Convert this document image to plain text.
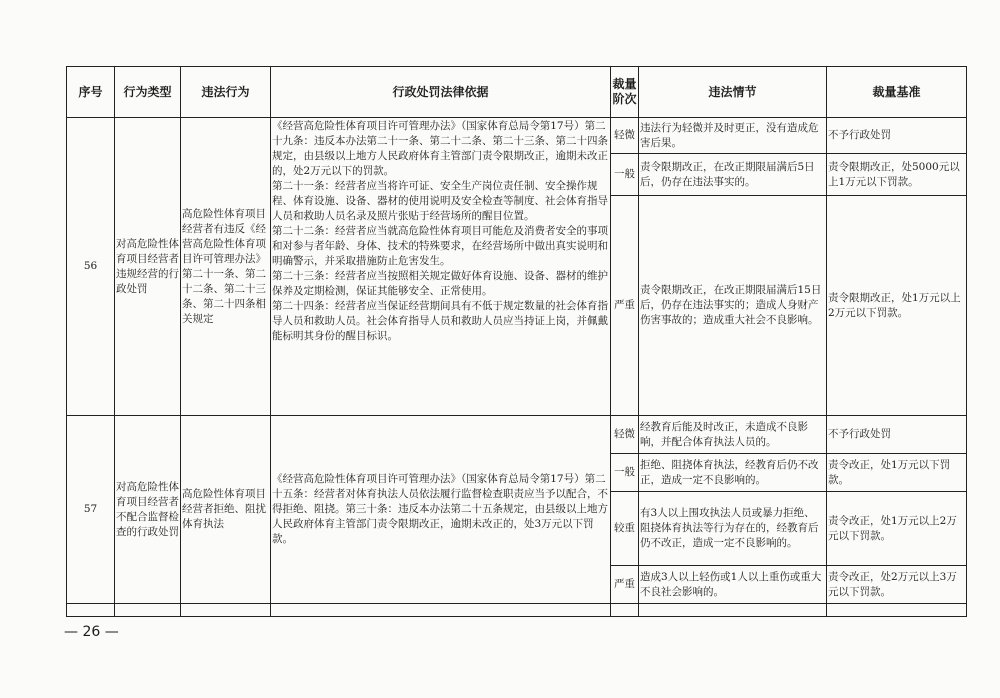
序号	行为类型	违法行为	行政处罚法律依据	裁量阶次	违法情节	裁量基准
56	对高危险性体育项目经营者违规经营的行政处罚	高危险性体育项目经营者有违反《经营高危险性体育项目许可管理办法》第二十一条、第二十二条、第二十三条、第二十四条相关规定	《经营高危险性体育项目许可管理办法》（国家体育总局令第17号）第二十九条：违反本办法第二十一条、第二十二条、第二十三条、第二十四条规定，由县级以上地方人民政府体育主管部门责令限期改正，逾期未改正的，处2万元以下的罚款。

第二十一条：经营者应当将许可证、安全生产岗位责任制、安全操作规程、体育设施、设备、器材的使用说明及安全检查等制度、社会体育指导人员和救助人员名录及照片张贴于经营场所的醒目位置。

第二十二条：经营者应当就高危险性体育项目可能危及消费者安全的事项和对参与者年龄、身体、技术的特殊要求，在经营场所中做出真实说明和明确警示，并采取措施防止危害发生。

第二十三条：经营者应当按照相关规定做好体育设施、设备、器材的维护保养及定期检测，保证其能够安全、正常使用。

第二十四条：经营者应当保证经营期间具有不低于规定数量的社会体育指导人员和救助人员。社会体育指导人员和救助人员应当持证上岗，并佩戴能标明其身份的醒目标识。	轻微	违法行为轻微并及时更正，没有造成危害后果。	不予行政处罚
				一般	责令限期改正，在改正期限届满后5日后，仍存在违法事实的。	责令限期改正，处5000元以上1万元以下罚款。
				严重	责令限期改正，在改正期限届满后15日后，仍存在违法事实的；造成人身财产伤害事故的；造成重大社会不良影响。	责令限期改正，处1万元以上2万元以下罚款。
57	对高危险性体育项目经营者不配合监督检查的行政处罚	高危险性体育项目经营者拒绝、阻扰体育执法	《经营高危险性体育项目许可管理办法》（国家体育总局令第17号）第二十五条：经营者对体育执法人员依法履行监督检查职责应当予以配合，不得拒绝、阻挠。第三十条：违反本办法第二十五条规定，由县级以上地方人民政府体育主管部门责令限期改正，逾期未改正的，处3万元以下罚款。	轻微	经教育后能及时改正，未造成不良影响，并配合体育执法人员的。	不予行政处罚
				一般	拒绝、阻挠体育执法，经教育后仍不改正，造成一定不良影响的。	责令改正，处1万元以下罚款。
				较重	有3人以上围攻执法人员或暴力拒绝、阻挠体育执法等行为存在的，经教育后仍不改正，造成一定不良影响的。	责令改正，处1万元以上2万元以下罚款。
				严重	造成3人以上轻伤或1人以上重伤或重大不良社会影响的。	责令改正，处2万元以上3万元以下罚款。

— 26 —
